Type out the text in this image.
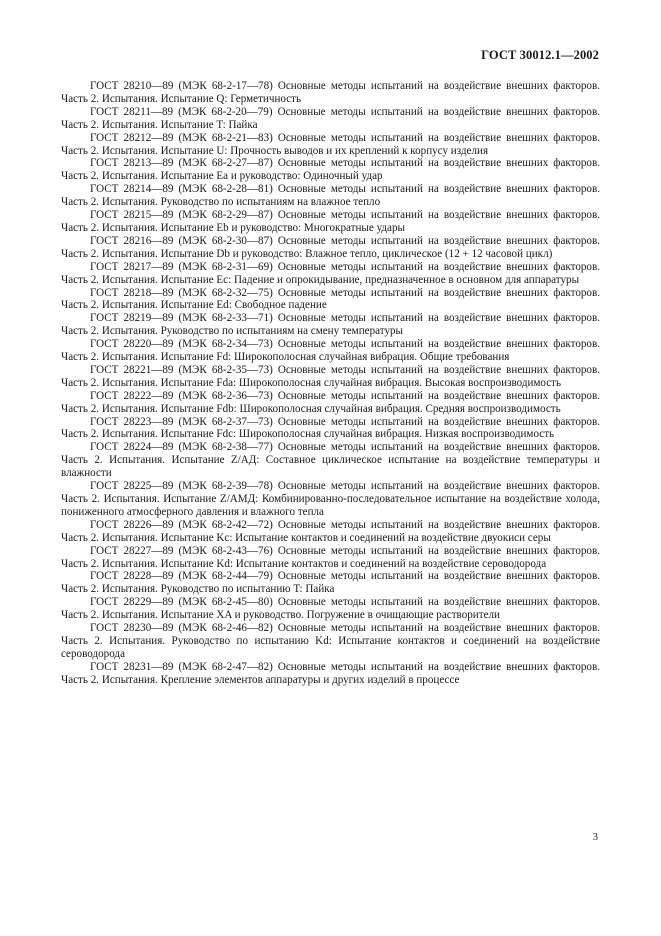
ГОСТ 30012.1—2002

ГОСТ 28210—89 (МЭК 68-2-17—78) Основные методы испытаний на воздействие внешних факторов. Часть 2. Испытания. Испытание Q: Герметичность

ГОСТ 28211—89 (МЭК 68-2-20—79) Основные методы испытаний на воздействие внешних факторов. Часть 2. Испытания. Испытание T: Пайка

ГОСТ 28212—89 (МЭК 68-2-21—83) Основные методы испытаний на воздействие внешних факторов. Часть 2. Испытания. Испытание U: Прочность выводов и их креплений к корпусу изделия

ГОСТ 28213—89 (МЭК 68-2-27—87) Основные методы испытаний на воздействие внешних факторов. Часть 2. Испытания. Испытание Ea и руководство: Одиночный удар

ГОСТ 28214—89 (МЭК 68-2-28—81) Основные методы испытаний на воздействие внешних факторов. Часть 2. Испытания. Руководство по испытаниям на влажное тепло

ГОСТ 28215—89 (МЭК 68-2-29—87) Основные методы испытаний на воздействие внешних факторов. Часть 2. Испытания. Испытание Eb и руководство: Многократные удары

ГОСТ 28216—89 (МЭК 68-2-30—87) Основные методы испытаний на воздействие внешних факторов. Часть 2. Испытания. Испытание Db и руководство: Влажное тепло, циклическое (12 + 12 часовой цикл)

ГОСТ 28217—89 (МЭК 68-2-31—69) Основные методы испытаний на воздействие внешних факторов. Часть 2. Испытания. Испытание Ec: Падение и опрокидывание, предназначенное в основном для аппаратуры

ГОСТ 28218—89 (МЭК 68-2-32—75) Основные методы испытаний на воздействие внешних факторов. Часть 2. Испытания. Испытание Ed: Свободное падение

ГОСТ 28219—89 (МЭК 68-2-33—71) Основные методы испытаний на воздействие внешних факторов. Часть 2. Испытания. Руководство по испытаниям на смену температуры

ГОСТ 28220—89 (МЭК 68-2-34—73) Основные методы испытаний на воздействие внешних факторов. Часть 2. Испытания. Испытание Fd: Широкополосная случайная вибрация. Общие требования

ГОСТ 28221—89 (МЭК 68-2-35—73) Основные методы испытаний на воздействие внешних факторов. Часть 2. Испытания. Испытание Fda: Широкополосная случайная вибрация. Высокая воспроизводимость

ГОСТ 28222—89 (МЭК 68-2-36—73) Основные методы испытаний на воздействие внешних факторов. Часть 2. Испытания. Испытание Fdb: Широкополосная случайная вибрация. Средняя воспроизводимость

ГОСТ 28223—89 (МЭК 68-2-37—73) Основные методы испытаний на воздействие внешних факторов. Часть 2. Испытания. Испытание Fdc: Широкополосная случайная вибрация. Низкая воспроизводимость

ГОСТ 28224—89 (МЭК 68-2-38—77) Основные методы испытаний на воздействие внешних факторов. Часть 2. Испытания. Испытание Z/АД: Составное циклическое испытание на воздействие температуры и влажности

ГОСТ 28225—89 (МЭК 68-2-39—78) Основные методы испытаний на воздействие внешних факторов. Часть 2. Испытания. Испытание Z/АМД: Комбинированно-последовательное испытание на воздействие холода, пониженного атмосферного давления и влажного тепла

ГОСТ 28226—89 (МЭК 68-2-42—72) Основные методы испытаний на воздействие внешних факторов. Часть 2. Испытания. Испытание Kc: Испытание контактов и соединений на воздействие двуокиси серы

ГОСТ 28227—89 (МЭК 68-2-43—76) Основные методы испытаний на воздействие внешних факторов. Часть 2. Испытания. Испытание Kd: Испытание контактов и соединений на воздействие сероводорода

ГОСТ 28228—89 (МЭК 68-2-44—79) Основные методы испытаний на воздействие внешних факторов. Часть 2. Испытания. Руководство по испытанию T: Пайка

ГОСТ 28229—89 (МЭК 68-2-45—80) Основные методы испытаний на воздействие внешних факторов. Часть 2. Испытания. Испытание XA и руководство. Погружение в очищающие растворители

ГОСТ 28230—89 (МЭК 68-2-46—82) Основные методы испытаний на воздействие внешних факторов. Часть 2. Испытания. Руководство по испытанию Kd: Испытание контактов и соединений на воздействие сероводорода

ГОСТ 28231—89 (МЭК 68-2-47—82) Основные методы испытаний на воздействие внешних факторов. Часть 2. Испытания. Крепление элементов аппаратуры и других изделий в процессе

3
